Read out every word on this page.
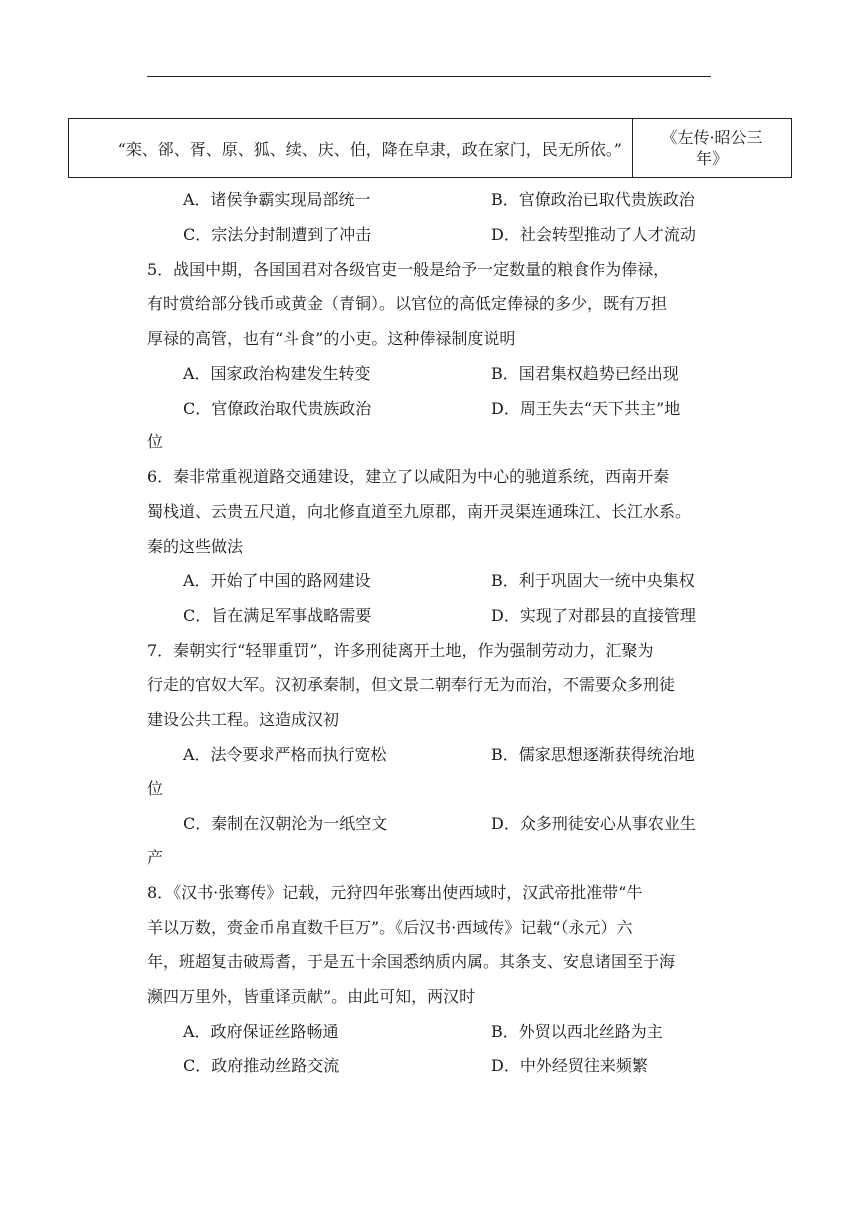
“栾、郤、胥、原、狐、续、庆、伯，降在皁隶，政在家门，民无所依。”
《左传·昭公三
年》
A．诸侯争霸实现局部统一	B．官僚政治已取代贵族政治
C．宗法分封制遭到了冲击	D．社会转型推动了人才流动
5．战国中期，各国国君对各级官吏一般是给予一定数量的粮食作为俸禄，
有时赏给部分钱币或黄金（青铜）。以官位的高低定俸禄的多少，既有万担
厚禄的高管，也有“斗食”的小吏。这种俸禄制度说明
A．国家政治构建发生转变	B．国君集权趋势已经出现
C．官僚政治取代贵族政治	D．周王失去“天下共主”地
位
6．秦非常重视道路交通建设，建立了以咸阳为中心的驰道系统，西南开秦
蜀栈道、云贵五尺道，向北修直道至九原郡，南开灵渠连通珠江、长江水系。
秦的这些做法
A．开始了中国的路网建设	B．利于巩固大一统中央集权
C．旨在满足军事战略需要	D．实现了对郡县的直接管理
7．秦朝实行“轻罪重罚”，许多刑徒离开土地，作为强制劳动力，汇聚为
行走的官奴大军。汉初承秦制，但文景二朝奉行无为而治，不需要众多刑徒
建设公共工程。这造成汉初
A．法令要求严格而执行宽松	B．儒家思想逐渐获得统治地
位
C．秦制在汉朝沦为一纸空文	D．众多刑徒安心从事农业生
产
8．《汉书·张骞传》记载，元狩四年张骞出使西域时，汉武帝批准带“牛
羊以万数，赍金币帛直数千巨万”。《后汉书·西域传》记载“（永元）六
年，班超复击破焉耆，于是五十余国悉纳质内属。其条支、安息诸国至于海
濒四万里外，皆重译贡献”。由此可知，两汉时
A．政府保证丝路畅通	B．外贸以西北丝路为主
C．政府推动丝路交流	D．中外经贸往来频繁
